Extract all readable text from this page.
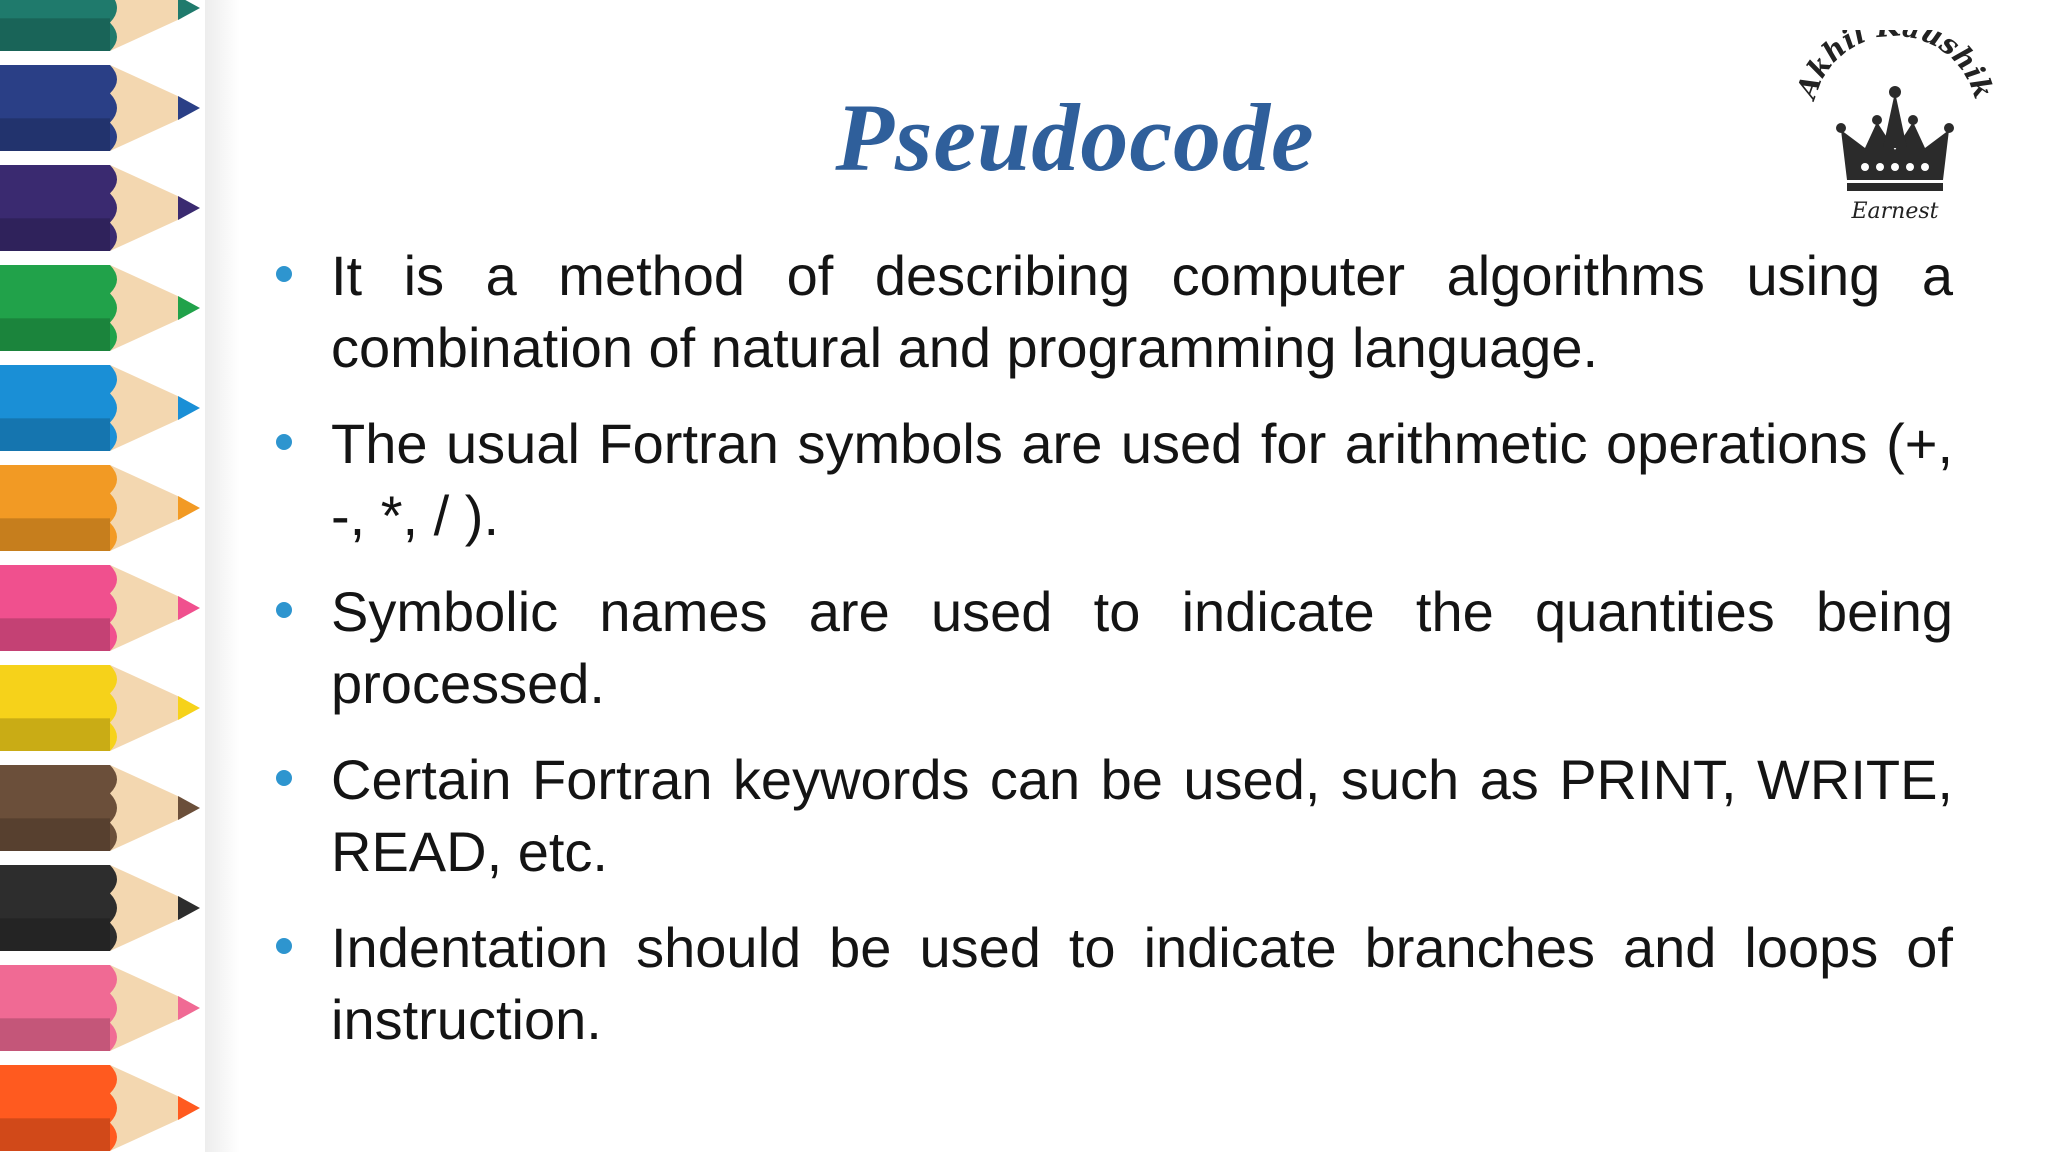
Pseudocode
khil ushi
Earnest
It is a method of describing computer algorithms using a combination of natural and programming language.
The usual Fortran symbols are used for arithmetic operations (+, -, *, / ).
Symbolic names are used to indicate the quantities being processed.
Certain Fortran keywords can be used, such as PRINT, WRITE, READ, etc.
Indentation should be used to indicate branches and loops of instruction.
